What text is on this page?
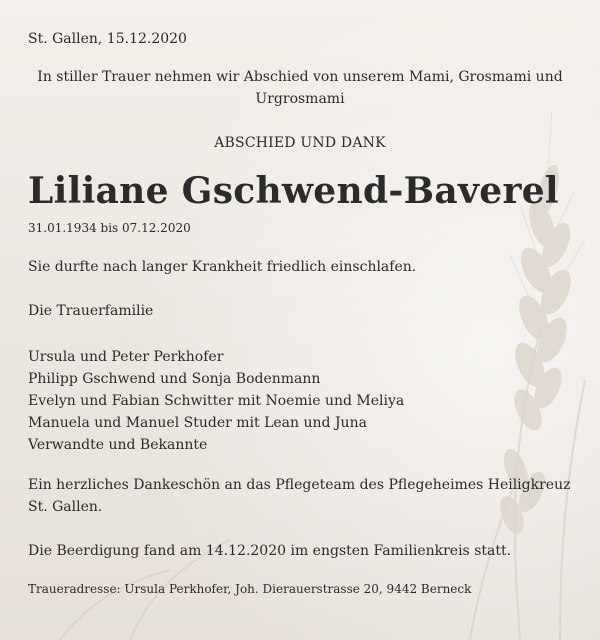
St. Gallen, 15.12.2020
In stiller Trauer nehmen wir Abschied von unserem Mami, Grosmami und
Urgrosmami
ABSCHIED UND DANK
Liliane Gschwend-Baverel
31.01.1934 bis 07.12.2020
Sie durfte nach langer Krankheit friedlich einschlafen.
Die Trauerfamilie
Ursula und Peter Perkhofer
Philipp Gschwend und Sonja Bodenmann
Evelyn und Fabian Schwitter mit Noemie und Meliya
Manuela und Manuel Studer mit Lean und Juna
Verwandte und Bekannte
Ein herzliches Dankeschön an das Pflegeteam des Pflegeheimes Heiligkreuz
St. Gallen.
Die Beerdigung fand am 14.12.2020 im engsten Familienkreis statt.
Traueradresse: Ursula Perkhofer, Joh. Dierauerstrasse 20, 9442 Berneck
